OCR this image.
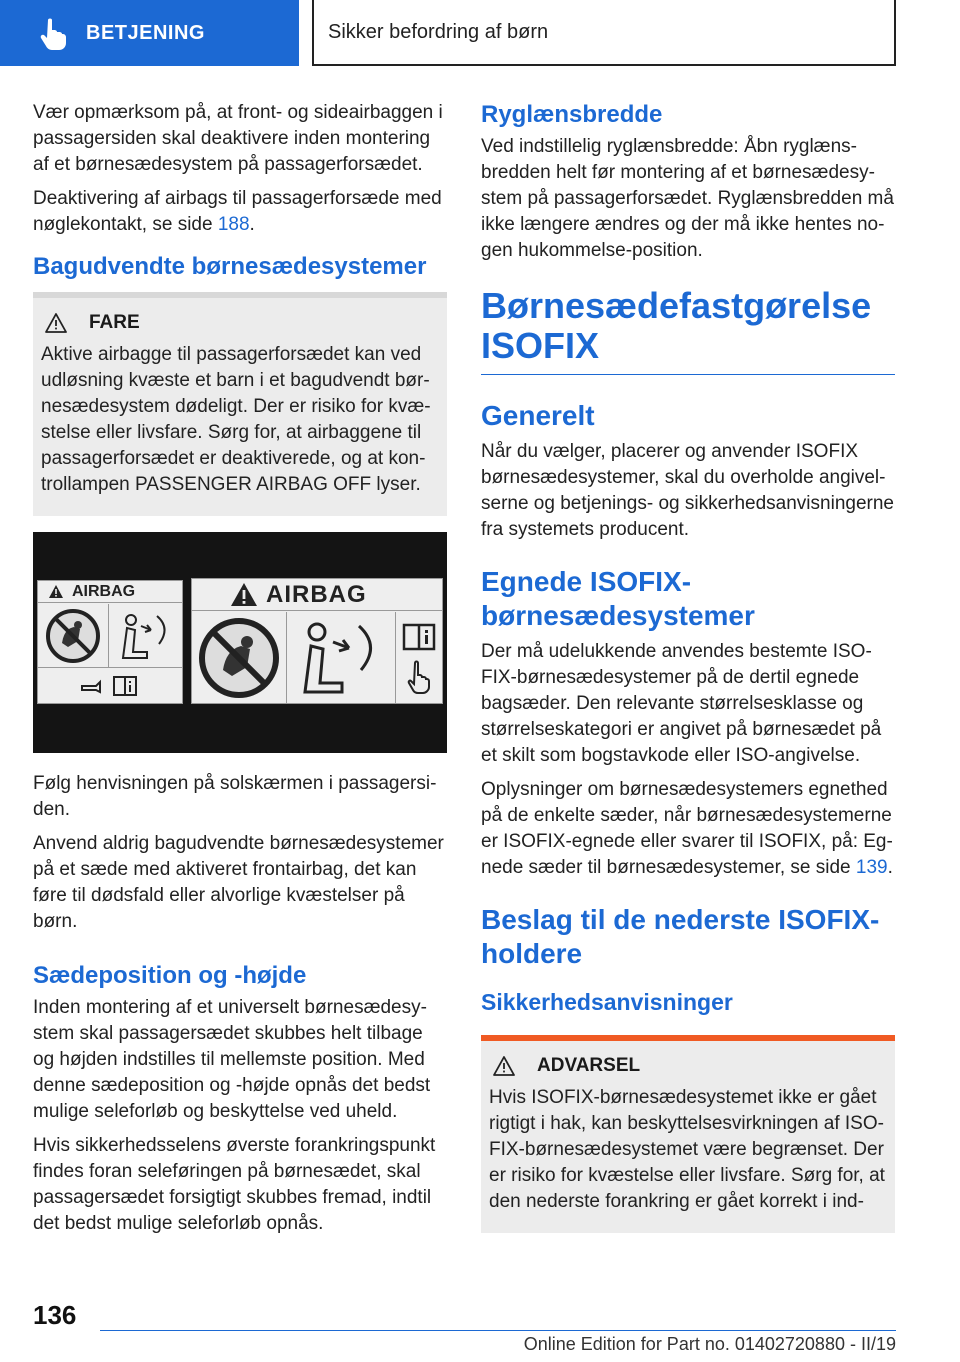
BETJENING	Sikker befordring af børn

Vær opmærksom på, at front- og sideairbaggen i passagersiden skal deaktivere inden montering af et børnesædesystem på passagerforsædet.

Deaktivering af airbags til passagerforsæde med nøglekontakt, se side 188.

Bagudvendte børnesædesystemer
FARE

Aktive airbagge til passagerforsædet kan ved udløsning kvæste et barn i et bagudvendt børnesædesystem dødeligt. Der er risiko for kvæstelse eller livsfare. Sørg for, at airbaggene til passagerforsædet er deaktiverede, og at kontrollampen PASSENGER AIRBAG OFF lyser.

AIRBAG	AIRBAG

Følg henvisningen på solskærmen i passagersiden.

Anvend aldrig bagudvendte børnesædesystemer på et sæde med aktiveret frontairbag, det kan føre til dødsfald eller alvorlige kvæstelser på børn.

Sædeposition og -højde

Inden montering af et universelt børnesædesystem skal passagersædet skubbes helt tilbage og højden indstilles til mellemste position. Med denne sædeposition og -højde opnås det bedst mulige seleforløb og beskyttelse ved uheld.

Hvis sikkerhedsselens øverste forankringspunkt findes foran seleføringen på børnesædet, skal passagersædet forsigtigt skubbes fremad, indtil det bedst mulige seleforløb opnås.

Ryglænsbredde

Ved indstillelig ryglænsbredde: Åbn ryglænsbredden helt før montering af et børnesædesystem på passagerforsædet. Ryglænsbredden må ikke længere ændres og der må ikke hentes nogen hukommelse-position.

Børnesædefastgørelse ISOFIX
Generelt

Når du vælger, placerer og anvender ISOFIX børnesædesystemer, skal du overholde angivelserne og betjenings- og sikkerhedsanvisningerne fra systemets producent.

Egnede ISOFIX-børnesædesystemer

Der må udelukkende anvendes bestemte ISOFIX-børnesædesystemer på de dertil egnede bagsæder. Den relevante størrelsesklasse og størrelseskategori er angivet på børnesædet på et skilt som bogstavkode eller ISO-angivelse.

Oplysninger om børnesædesystemers egnethed på de enkelte sæder, når børnesædesystemerne er ISOFIX-egnede eller svarer til ISOFIX, på: Egnede sæder til børnesædesystemer, se side 139.

Beslag til de nederste ISOFIX-holdere
Sikkerhedsanvisninger
ADVARSEL

Hvis ISOFIX-børnesædesystemet ikke er gået rigtigt i hak, kan beskyttelsesvirkningen af ISOFIX-børnesædesystemet være begrænset. Der er risiko for kvæstelse eller livsfare. Sørg for, at den nederste forankring er gået korrekt i ind-

136
Online Edition for Part no. 01402720880 - II/19
